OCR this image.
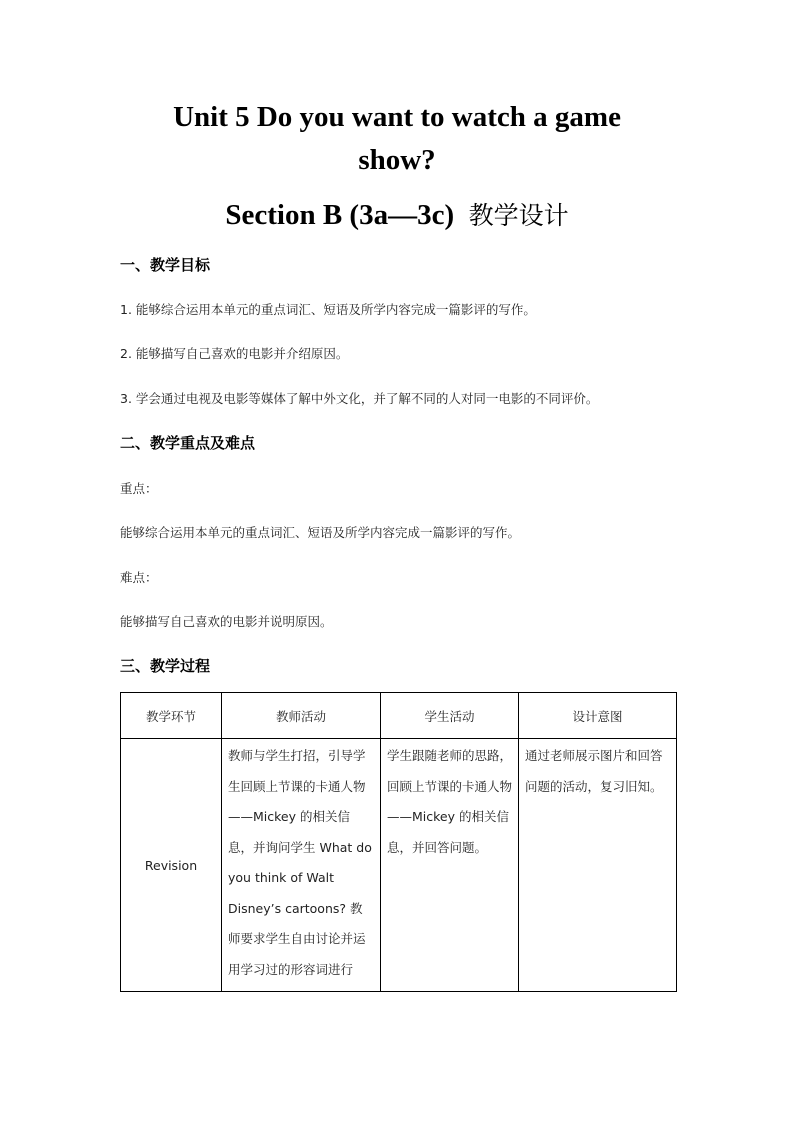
Unit 5 Do you want to watch a game
show?
Section B (3a—3c) 教学设计
一、教学目标
1. 能够综合运用本单元的重点词汇、短语及所学内容完成一篇影评的写作。
2. 能够描写自己喜欢的电影并介绍原因。
3. 学会通过电视及电影等媒体了解中外文化，并了解不同的人对同一电影的不同评价。
二、教学重点及难点
重点：
能够综合运用本单元的重点词汇、短语及所学内容完成一篇影评的写作。
难点：
能够描写自己喜欢的电影并说明原因。
三、教学过程
教学环节	教师活动	学生活动	设计意图
Revision	教师与学生打招，引导学生回顾上节课的卡通人物——Mickey 的相关信息，并询问学生 What do you think of Walt Disney’s cartoons? 教师要求学生自由讨论并运用学习过的形容词进行	学生跟随老师的思路，回顾上节课的卡通人物——Mickey 的相关信息，并回答问题。	通过老师展示图片和回答问题的活动，复习旧知。
